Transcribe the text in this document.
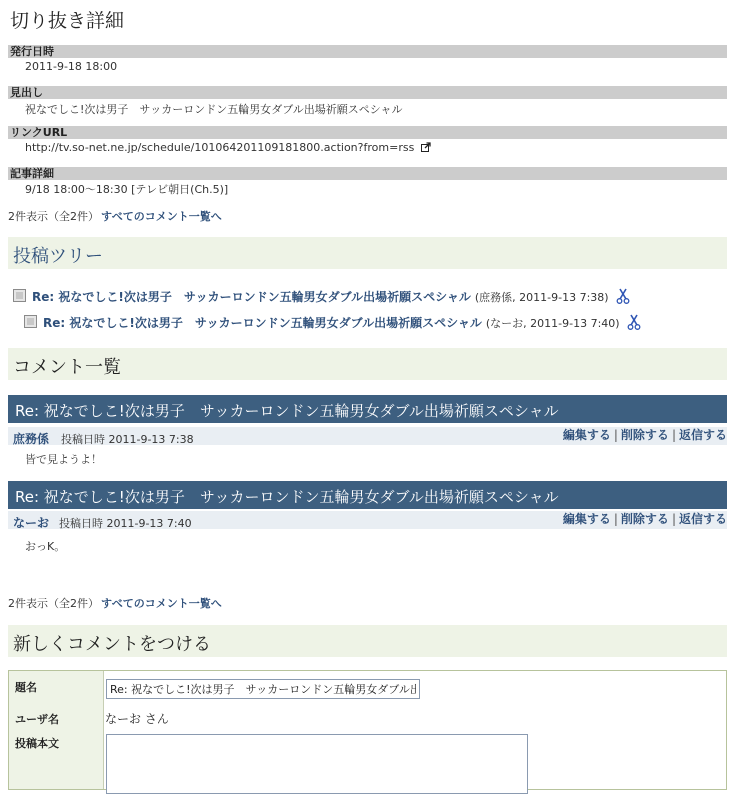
切り抜き詳細
発行日時
2011-9-18 18:00
見出し
祝なでしこ!次は男子　サッカーロンドン五輪男女ダブル出場祈願スペシャル
リンクURL
http://tv.so-net.ne.jp/schedule/101064201109181800.action?from=rss
記事詳細
9/18 18:00～18:30 [テレビ朝日(Ch.5)]
2件表示（全2件） すべてのコメント一覧へ
投稿ツリー
Re: 祝なでしこ!次は男子　サッカーロンドン五輪男女ダブル出場祈願スペシャル (庶務係, 2011-9-13 7:38)
Re: 祝なでしこ!次は男子　サッカーロンドン五輪男女ダブル出場祈願スペシャル (なーお, 2011-9-13 7:40)
コメント一覧
Re: 祝なでしこ!次は男子　サッカーロンドン五輪男女ダブル出場祈願スペシャル
庶務係 投稿日時 2011-9-13 7:38	編集する | 削除する | 返信する
皆で見ようよ！
Re: 祝なでしこ!次は男子　サッカーロンドン五輪男女ダブル出場祈願スペシャル
なーお 投稿日時 2011-9-13 7:40	編集する | 削除する | 返信する
おっK。
2件表示（全2件） すべてのコメント一覧へ
新しくコメントをつける
題名
Re: 祝なでしこ!次は男子　サッカーロンドン五輪男女ダブル出
ユーザ名	なーお さん
投稿本文
